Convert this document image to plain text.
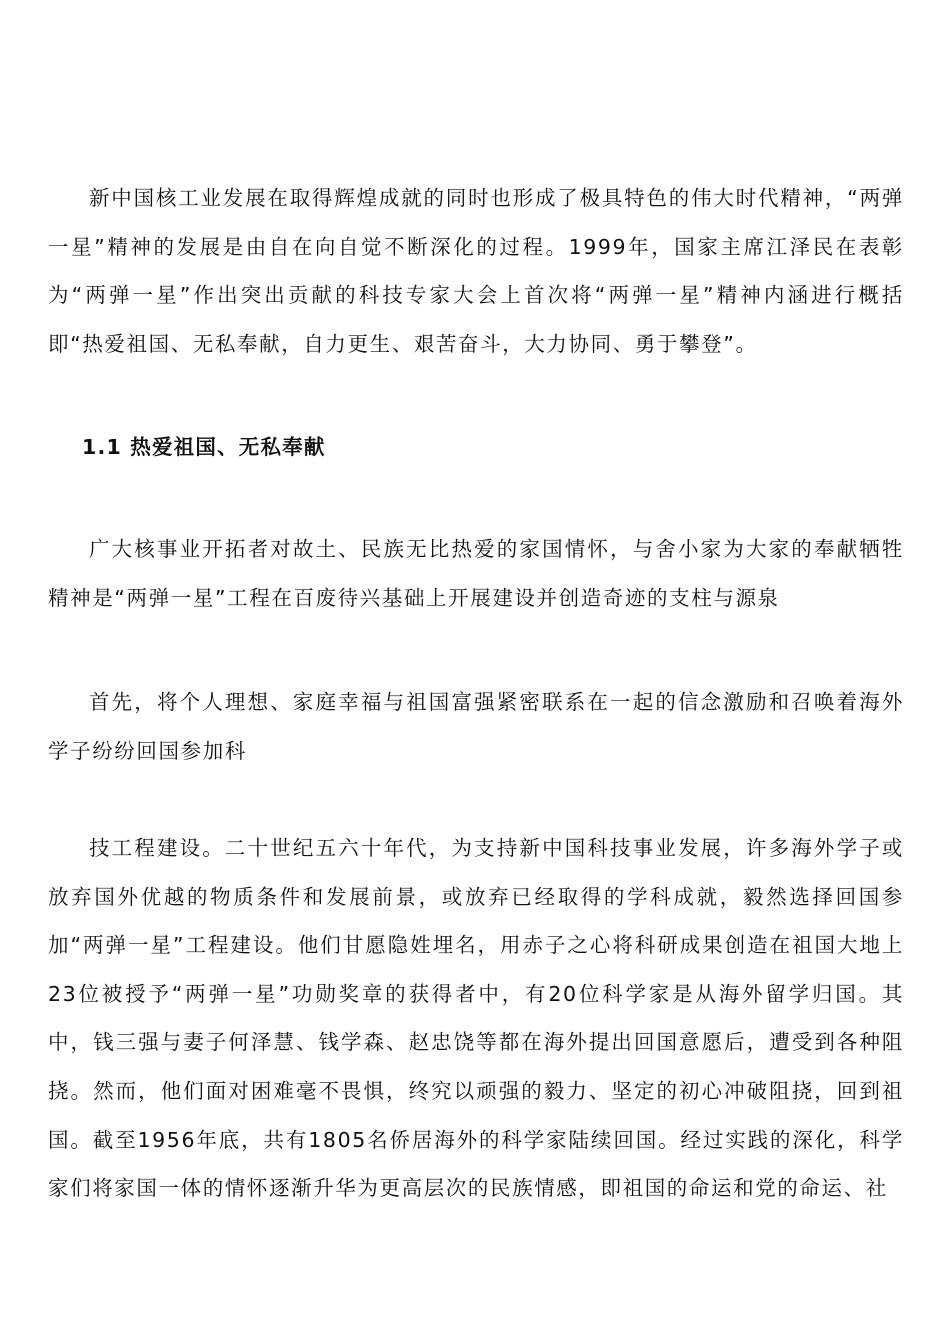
新中国核工业发展在取得辉煌成就的同时也形成了极具特色的伟大时代精神，“两弹一星”精神的发展是由自在向自觉不断深化的过程。1999年，国家主席江泽民在表彰为“两弹一星”作出突出贡献的科技专家大会上首次将“两弹一星”精神内涵进行概括即“热爱祖国、无私奉献，自力更生、艰苦奋斗，大力协同、勇于攀登”。

1.1 热爱祖国、无私奉献

广大核事业开拓者对故土、民族无比热爱的家国情怀，与舍小家为大家的奉献牺牲精神是“两弹一星”工程在百废待兴基础上开展建设并创造奇迹的支柱与源泉

首先，将个人理想、家庭幸福与祖国富强紧密联系在一起的信念激励和召唤着海外学子纷纷回国参加科

技工程建设。二十世纪五六十年代，为支持新中国科技事业发展，许多海外学子或放弃国外优越的物质条件和发展前景，或放弃已经取得的学科成就，毅然选择回国参加“两弹一星”工程建设。他们甘愿隐姓埋名，用赤子之心将科研成果创造在祖国大地上23位被授予“两弹一星”功勋奖章的获得者中，有20位科学家是从海外留学归国。其中，钱三强与妻子何泽慧、钱学森、赵忠饶等都在海外提出回国意愿后，遭受到各种阻挠。然而，他们面对困难毫不畏惧，终究以顽强的毅力、坚定的初心冲破阻挠，回到祖国。截至1956年底，共有1805名侨居海外的科学家陆续回国。经过实践的深化，科学家们将家国一体的情怀逐渐升华为更高层次的民族情感，即祖国的命运和党的命运、社
